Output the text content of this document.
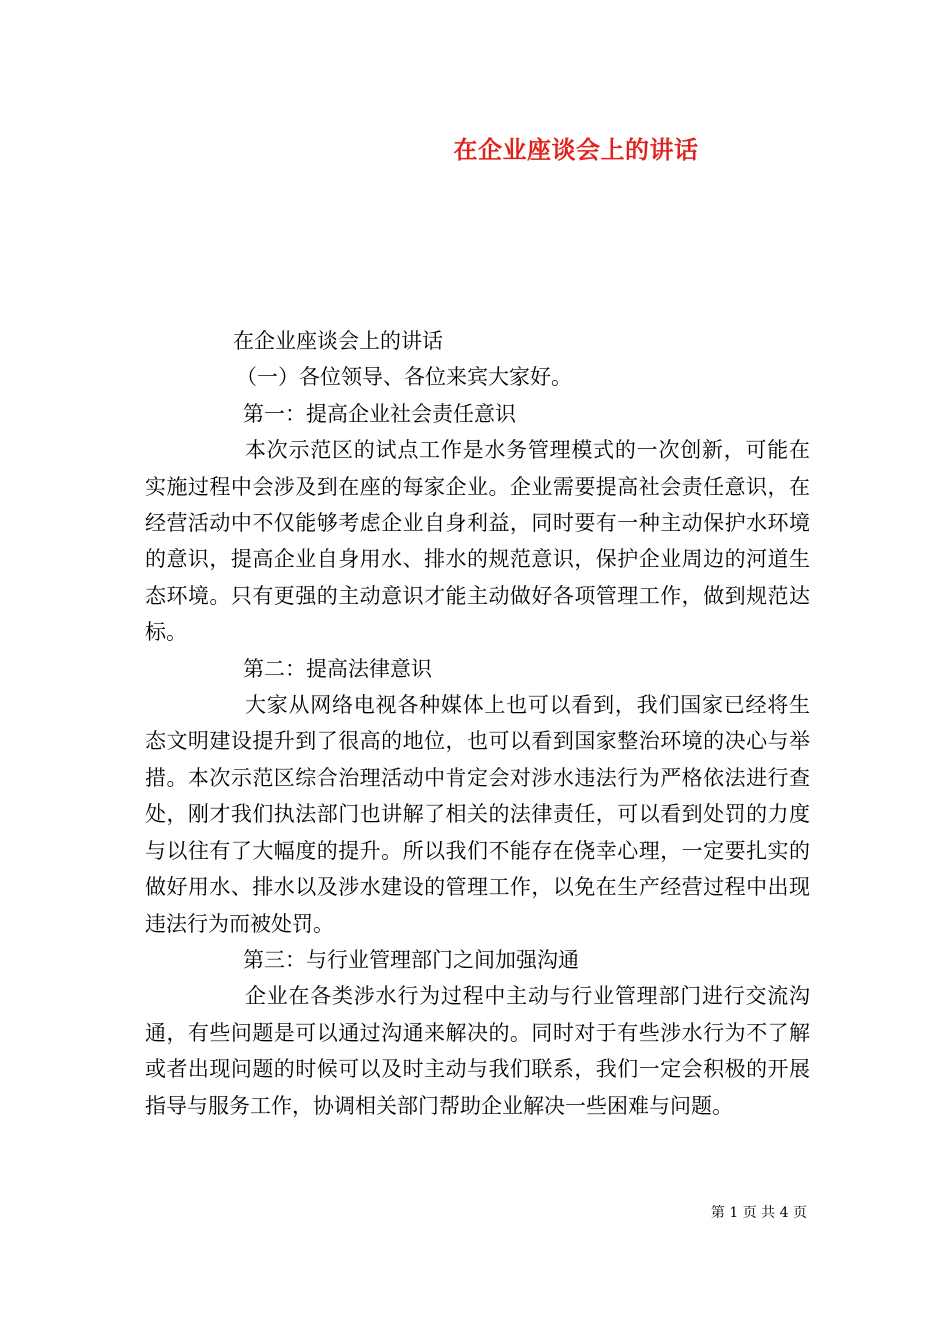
在企业座谈会上的讲话
在企业座谈会上的讲话
（一）各位领导、各位来宾大家好。
第一：提高企业社会责任意识
本次示范区的试点工作是水务管理模式的一次创新，可能在实施过程中会涉及到在座的每家企业。企业需要提高社会责任意识，在经营活动中不仅能够考虑企业自身利益，同时要有一种主动保护水环境的意识，提高企业自身用水、排水的规范意识，保护企业周边的河道生态环境。只有更强的主动意识才能主动做好各项管理工作，做到规范达标。
第二：提高法律意识
大家从网络电视各种媒体上也可以看到，我们国家已经将生态文明建设提升到了很高的地位，也可以看到国家整治环境的决心与举措。本次示范区综合治理活动中肯定会对涉水违法行为严格依法进行查处，刚才我们执法部门也讲解了相关的法律责任，可以看到处罚的力度与以往有了大幅度的提升。所以我们不能存在侥幸心理，一定要扎实的做好用水、排水以及涉水建设的管理工作，以免在生产经营过程中出现违法行为而被处罚。
第三：与行业管理部门之间加强沟通
企业在各类涉水行为过程中主动与行业管理部门进行交流沟通，有些问题是可以通过沟通来解决的。同时对于有些涉水行为不了解或者出现问题的时候可以及时主动与我们联系，我们一定会积极的开展指导与服务工作，协调相关部门帮助企业解决一些困难与问题。
第 1 页 共 4 页
